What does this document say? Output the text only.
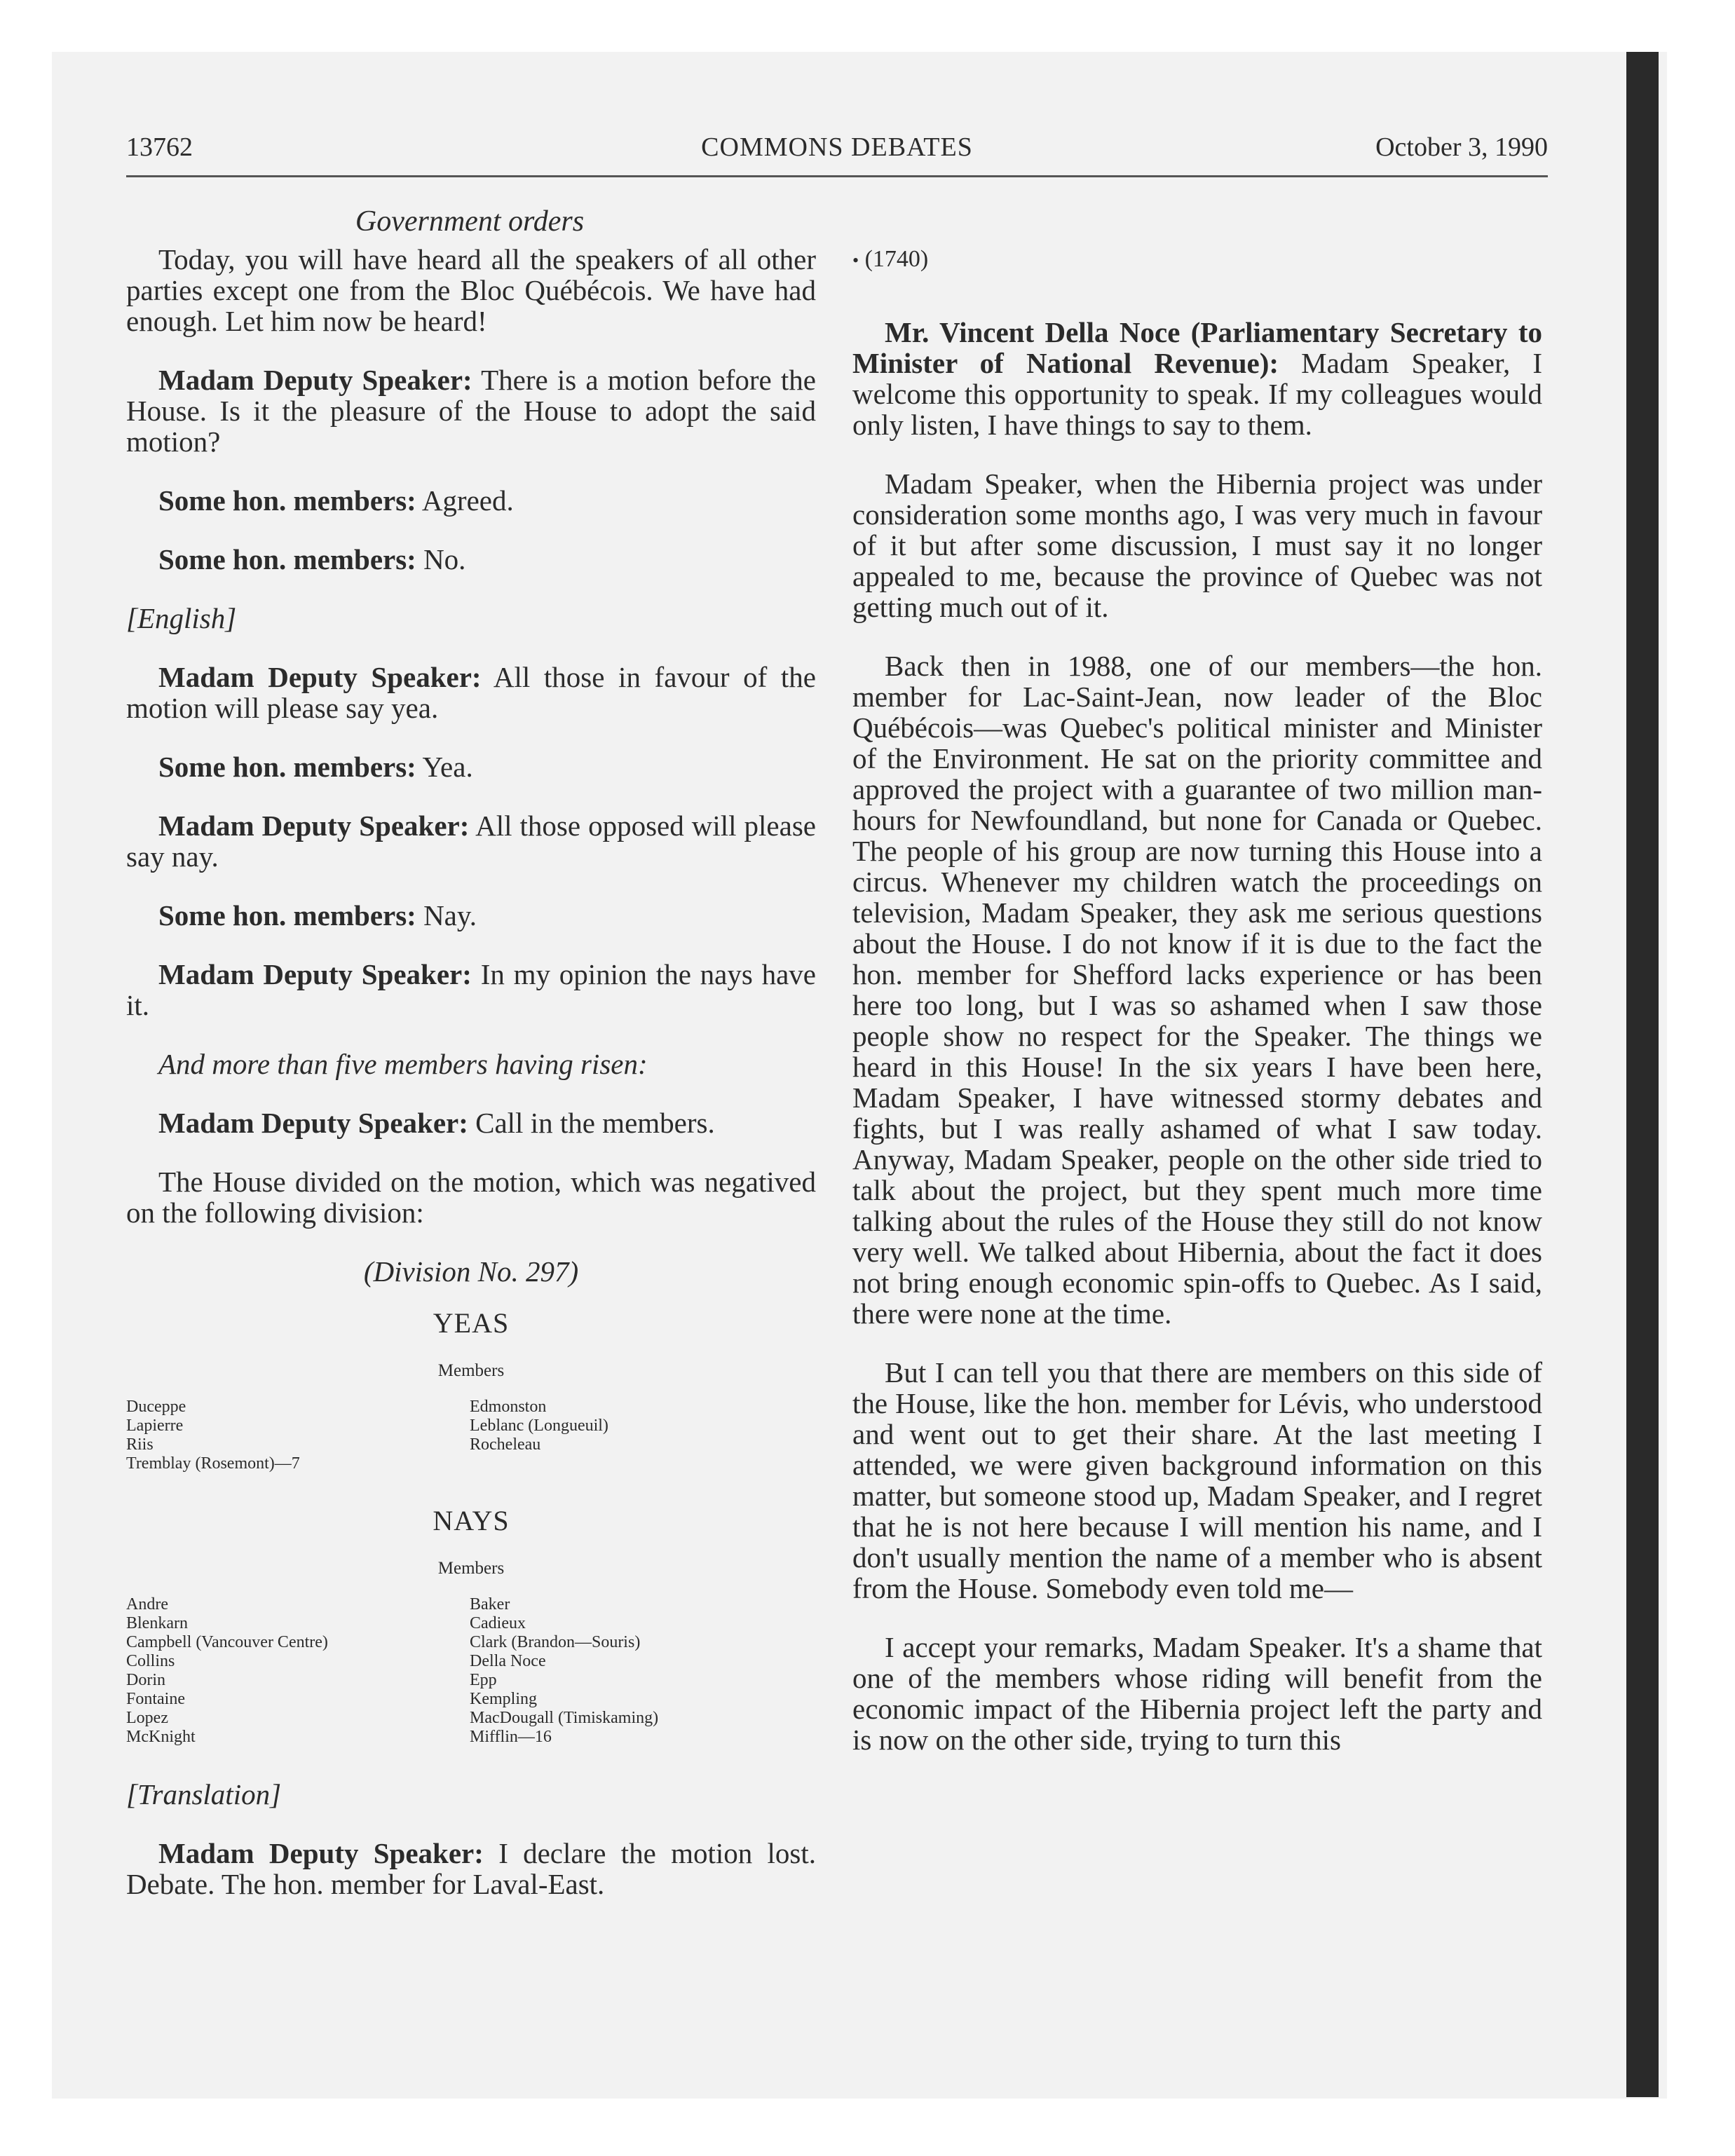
13762	COMMONS DEBATES	October 3, 1990
Government orders

Today, you will have heard all the speakers of all other parties except one from the Bloc Québécois. We have had enough. Let him now be heard!

Madam Deputy Speaker: There is a motion before the House. Is it the pleasure of the House to adopt the said motion?

Some hon. members: Agreed.

Some hon. members: No.

[English]

Madam Deputy Speaker: All those in favour of the motion will please say yea.

Some hon. members: Yea.

Madam Deputy Speaker: All those opposed will please say nay.

Some hon. members: Nay.

Madam Deputy Speaker: In my opinion the nays have it.

And more than five members having risen:

Madam Deputy Speaker: Call in the members.

The House divided on the motion, which was negatived on the following division:

(Division No. 297)

YEAS
Members
Duceppe
Lapierre
Riis
Tremblay (Rosemont)—7
Edmonston
Leblanc (Longueuil)
Rocheleau
NAYS
Members
Andre
Blenkarn
Campbell (Vancouver Centre)
Collins
Dorin
Fontaine
Lopez
McKnight
Baker
Cadieux
Clark (Brandon—Souris)
Della Noce
Epp
Kempling
MacDougall (Timiskaming)
Mifflin—16

[Translation]

Madam Deputy Speaker: I declare the motion lost. Debate. The hon. member for Laval-East.

• (1740)

Mr. Vincent Della Noce (Parliamentary Secretary to Minister of National Revenue): Madam Speaker, I welcome this opportunity to speak. If my colleagues would only listen, I have things to say to them.

Madam Speaker, when the Hibernia project was under consideration some months ago, I was very much in favour of it but after some discussion, I must say it no longer appealed to me, because the province of Quebec was not getting much out of it.

Back then in 1988, one of our members—the hon. member for Lac-Saint-Jean, now leader of the Bloc Québécois—was Quebec's political minister and Minister of the Environment. He sat on the priority committee and approved the project with a guarantee of two million man-hours for Newfoundland, but none for Canada or Quebec. The people of his group are now turning this House into a circus. Whenever my children watch the proceedings on television, Madam Speaker, they ask me serious questions about the House. I do not know if it is due to the fact the hon. member for Shefford lacks experience or has been here too long, but I was so ashamed when I saw those people show no respect for the Speaker. The things we heard in this House! In the six years I have been here, Madam Speaker, I have witnessed stormy debates and fights, but I was really ashamed of what I saw today. Anyway, Madam Speaker, people on the other side tried to talk about the project, but they spent much more time talking about the rules of the House they still do not know very well. We talked about Hibernia, about the fact it does not bring enough economic spin-offs to Quebec. As I said, there were none at the time.

But I can tell you that there are members on this side of the House, like the hon. member for Lévis, who understood and went out to get their share. At the last meeting I attended, we were given background information on this matter, but someone stood up, Madam Speaker, and I regret that he is not here because I will mention his name, and I don't usually mention the name of a member who is absent from the House. Somebody even told me—

I accept your remarks, Madam Speaker. It's a shame that one of the members whose riding will benefit from the economic impact of the Hibernia project left the party and is now on the other side, trying to turn this
